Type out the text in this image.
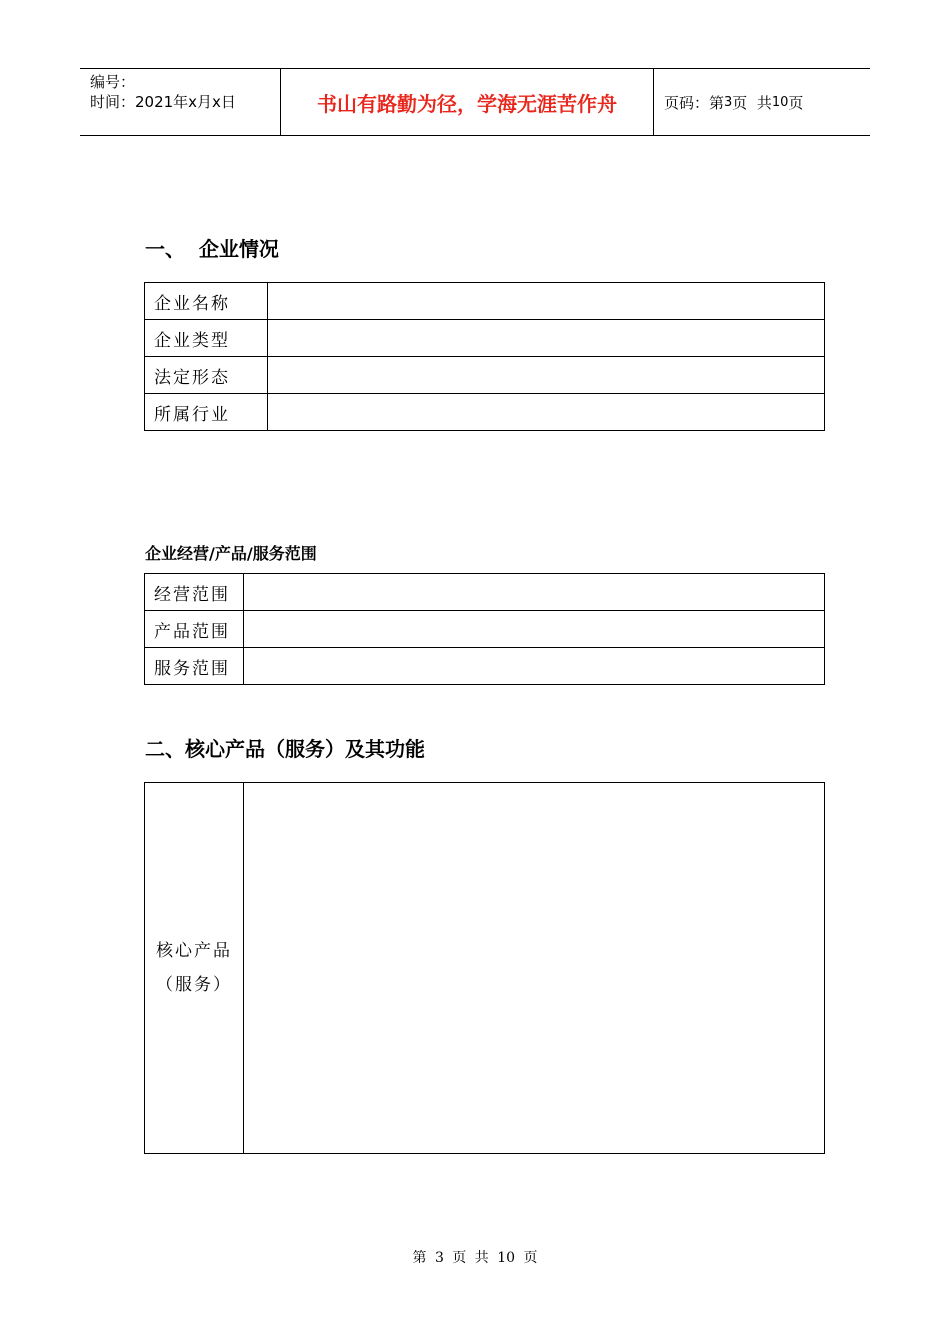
编号：
时间：2021年x月x日	书山有路勤为径，学海无涯苦作舟	页码：第 3 页  共 10 页
一、  企业情况
企业名称	
企业类型	
法定形态	
所属行业	
企业经营/产品/服务范围
经营范围	
产品范围	
服务范围	
二、核心产品（服务）及其功能
核心产品
（服务）

第 3 页 共 10 页
